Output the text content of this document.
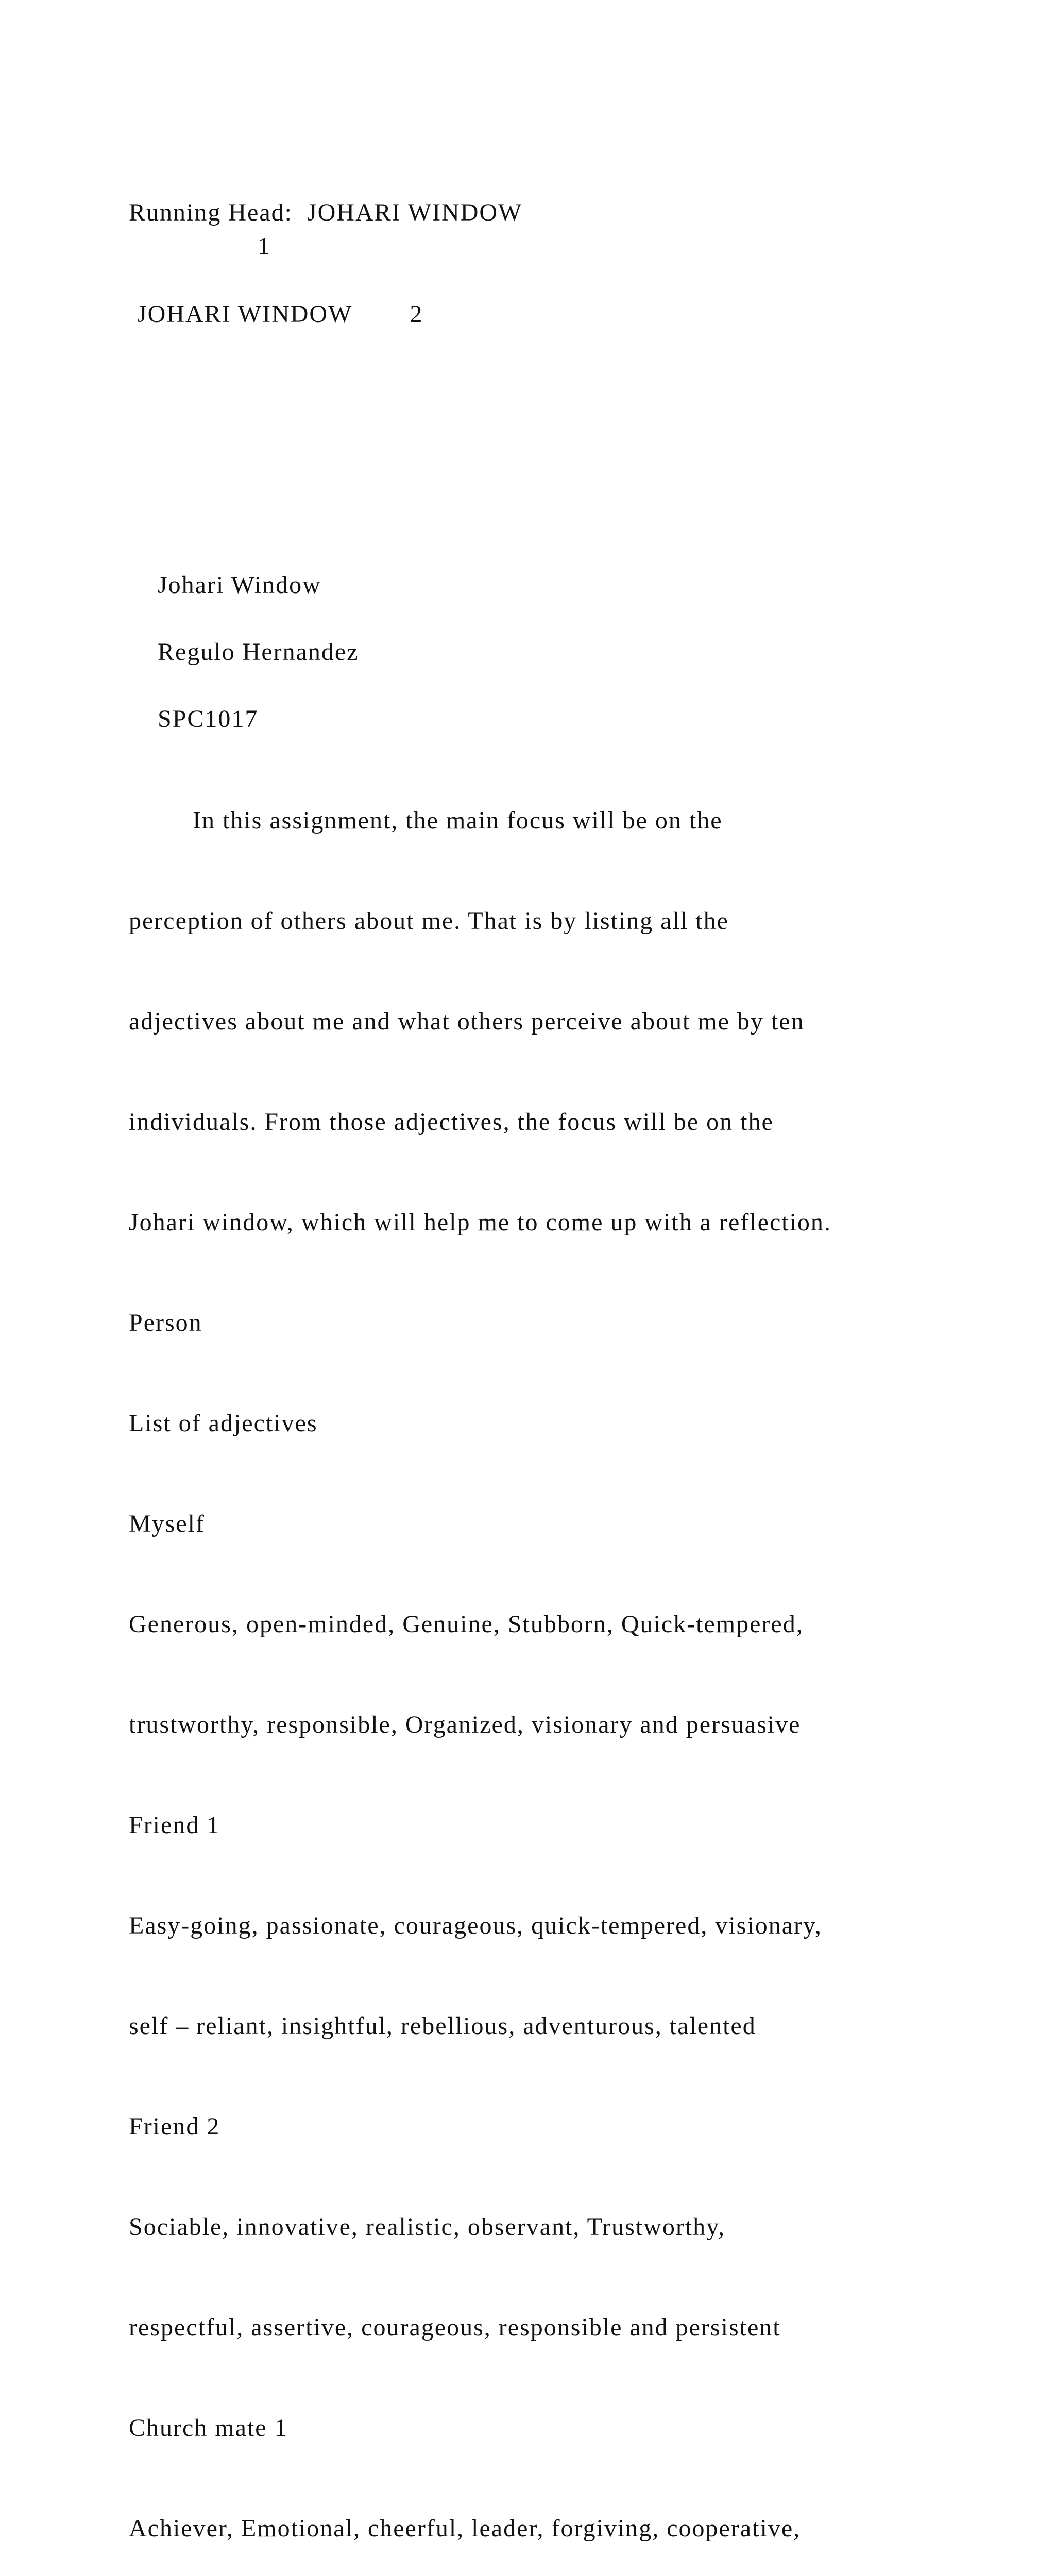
Running Head:  JOHARI WINDOW
1
JOHARI WINDOW        2

Johari Window

Regulo Hernandez

SPC1017

In this assignment, the main focus will be on the

perception of others about me. That is by listing all the

adjectives about me and what others perceive about me by ten

individuals. From those adjectives, the focus will be on the

Johari window, which will help me to come up with a reflection.

Person

List of adjectives

Myself

Generous, open-minded, Genuine, Stubborn, Quick-tempered,

trustworthy, responsible, Organized, visionary and persuasive

Friend 1

Easy-going, passionate, courageous, quick-tempered, visionary,

self – reliant, insightful, rebellious, adventurous, talented

Friend 2

Sociable, innovative, realistic, observant, Trustworthy,

respectful, assertive, courageous, responsible and persistent

Church mate 1

Achiever, Emotional, cheerful, leader, forgiving, cooperative,
